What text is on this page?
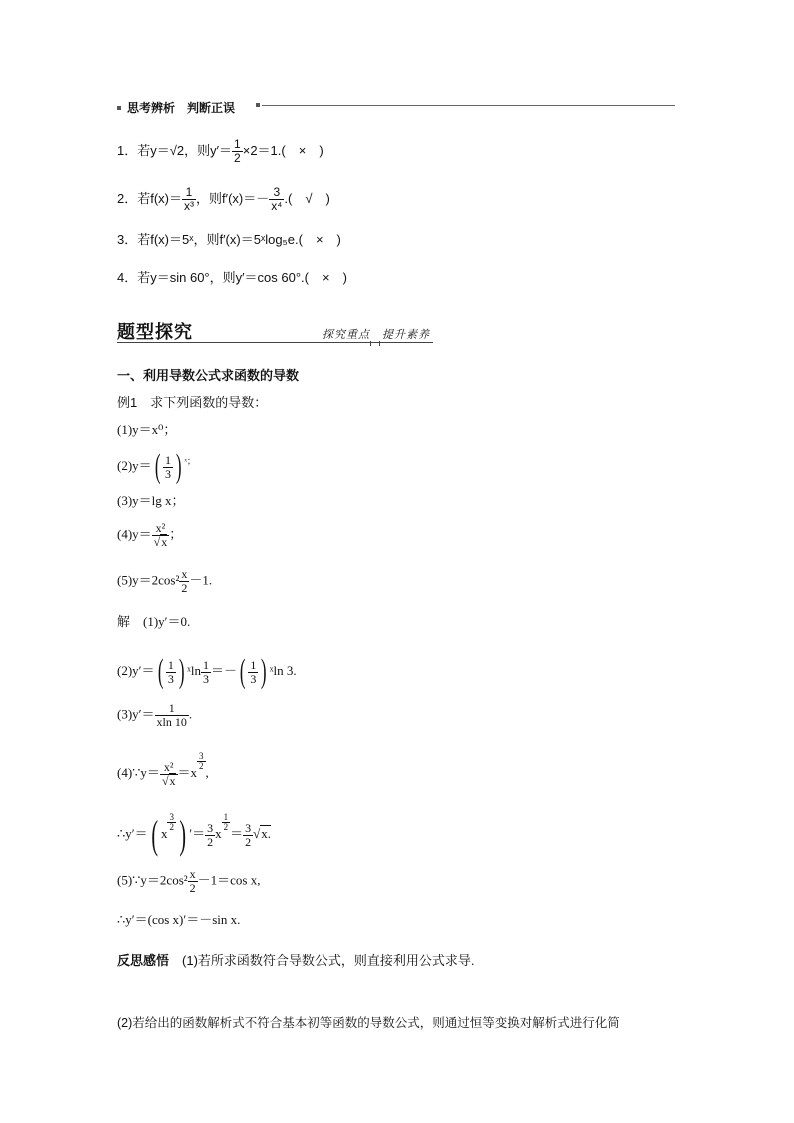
思考辨析　判断正误
1．若y＝√2，则$y'= \frac{1}{2} \times 2=1$.(　×　)
2．若$f(x)= \frac{1}{\text{x³}}$ ，则$f'(x)=- \frac{3}{\text{x⁴}}$ .(　√　)
3．若f(x)＝5ˣ，则f′(x)＝5ˣlog₅e.(　×　)
4．若y＝sin 60°，则y′＝cos 60°.(　×　)
题型探究	探究重点　提升素养
一、利用导数公式求函数的导数
例1　求下列函数的导数：
(1)y＝x⁰；
$(2)y=( \frac{1}{3}$ ) $^{ˣ;}$
(3)y＝lg x；
$(4)y= \frac{\text{x²}}{√x}$ ；
$(5)y=2\cos^2 \frac{x}{2} -1$.
解　(1)y′＝0.
$(2)y'=( \frac{1}{3}$ ) ˣln $\frac{1}{3}$ ＝－( $\frac{1}{3}$ ) ˣln 3.
$(3)y'= \frac{1}{xln 10}$ .
(4)∵y＝ $\frac{\text{x²}}{√x} =x$
$\frac{3}{2}$
,
∴y′＝( x
$\frac{3}{2}$ ) ′＝ $\frac{3}{2}$ x
$\frac{1}{2}$
＝ $\frac{3}{2} √x$.
(5)∵y＝2cos² $\frac{x}{2} -1=\cos$ x,
∴y′＝(cos x)′＝－sin x.
反思感悟　 (1)若所求函数符合导数公式，则直接利用公式求导.
(2)若给出的函数解析式不符合基本初等函数的导数公式，则通过恒等变换对解析式进行化简
